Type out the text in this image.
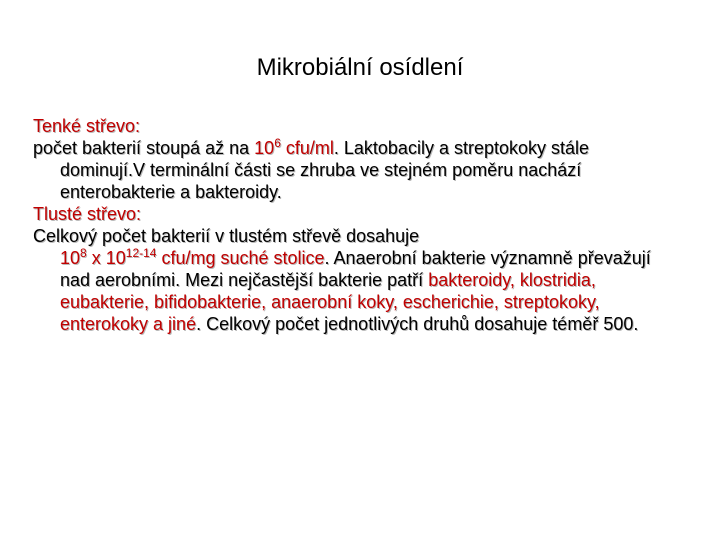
Mikrobiální osídlení

Tenké střevo:

počet bakterií stoupá až na $10^6$ cfu/ml. Laktobacily a streptokoky stále dominují.V terminální části se zhruba ve stejném poměru nachází enterobakterie a bakteroidy.

Tlusté střevo:

Celkový počet bakterií v tlustém střevě dosahuje
$10^8$ x 10$^{12-14}$ cfu/mg suché stolice. Anaerobní bakterie významně převažují nad aerobními. Mezi nejčastější bakterie patří bakteroidy, klostridia, eubakterie, bifidobakterie, anaerobní koky, escherichie, streptokoky, enterokoky a jiné. Celkový počet jednotlivých druhů dosahuje téměř 500.
